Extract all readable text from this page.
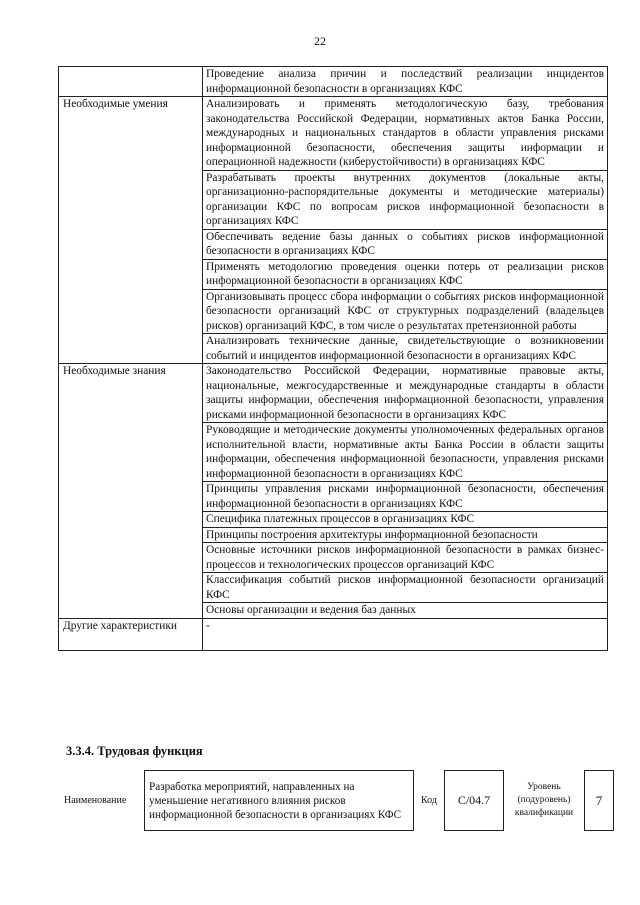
22
	Проведение анализа причин и последствий реализации инцидентов информационной безопасности в организациях КФС
Необходимые умения	Анализировать и применять методологическую базу, требования законодательства Российской Федерации, нормативных актов Банка России, международных и национальных стандартов в области управления рисками информационной безопасности, обеспечения защиты информации и операционной надежности (киберустойчивости) в организациях КФС
	Разрабатывать проекты внутренних документов (локальные акты, организационно-распорядительные документы и методические материалы) организации КФС по вопросам рисков информационной безопасности в организациях КФС
	Обеспечивать ведение базы данных о событиях рисков информационной безопасности в организациях КФС
	Применять методологию проведения оценки потерь от реализации рисков информационной безопасности в организациях КФС
	Организовывать процесс сбора информации о событиях рисков информационной безопасности организаций КФС от структурных подразделений (владельцев рисков) организаций КФС, в том числе о результатах претензионной работы
	Анализировать технические данные, свидетельствующие о возникновении событий и инцидентов информационной безопасности в организациях КФС
Необходимые знания	Законодательство Российской Федерации, нормативные правовые акты, национальные, межгосударственные и международные стандарты в области защиты информации, обеспечения информационной безопасности, управления рисками информационной безопасности в организациях КФС
	Руководящие и методические документы уполномоченных федеральных органов исполнительной власти, нормативные акты Банка России в области защиты информации, обеспечения информационной безопасности, управления рисками информационной безопасности в организациях КФС
	Принципы управления рисками информационной безопасности, обеспечения информационной безопасности в организациях КФС
	Специфика платежных процессов в организациях КФС
	Принципы построения архитектуры информационной безопасности
	Основные источники рисков информационной безопасности в рамках бизнес-процессов и технологических процессов организаций КФС
	Классификация событий рисков информационной безопасности организаций КФС
	Основы организации и ведения баз данных
Другие характеристики	-
3.3.4. Трудовая функция
Наименование	Разработка мероприятий, направленных на уменьшение негативного влияния рисков информационной безопасности в организациях КФС	Код	C/04.7	Уровень (подуровень) квалификации	7
